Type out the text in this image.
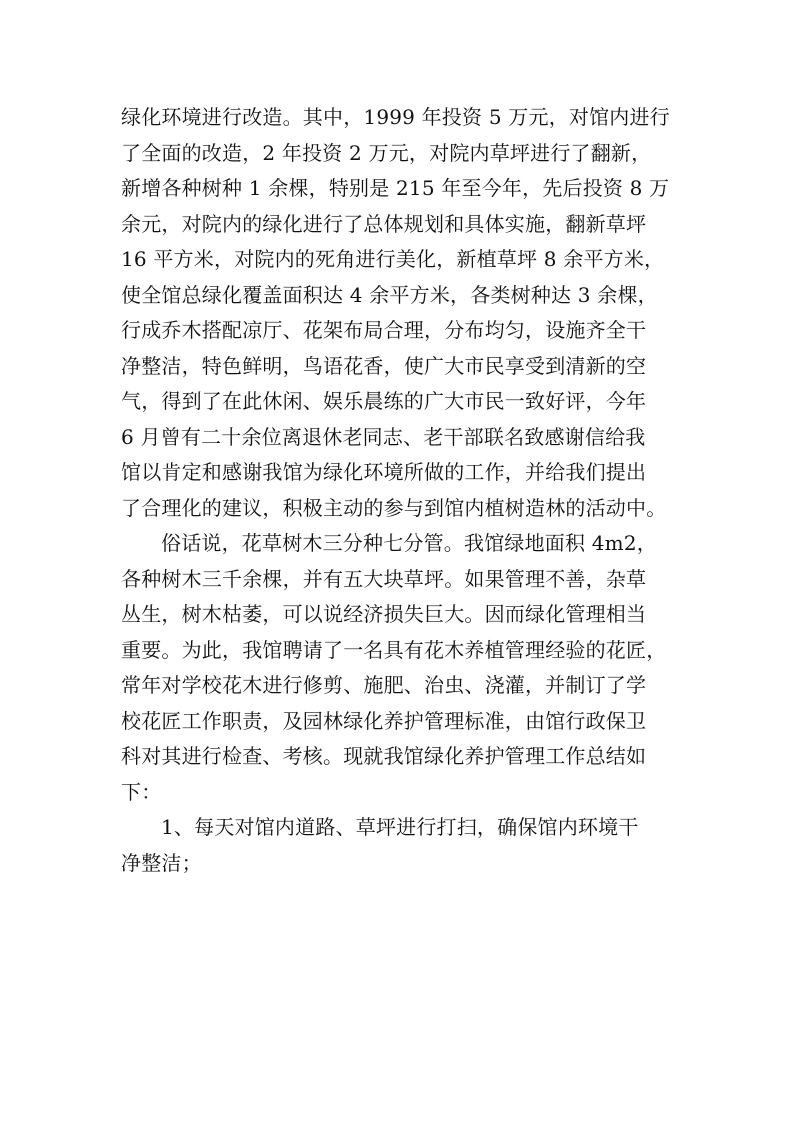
绿化环境进行改造。其中，1999 年投资 5 万元，对馆内进行
了全面的改造，2 年投资 2 万元，对院内草坪进行了翻新，
新增各种树种 1 余棵，特别是 215 年至今年，先后投资 8 万
余元，对院内的绿化进行了总体规划和具体实施，翻新草坪
16 平方米，对院内的死角进行美化，新植草坪 8 余平方米，
使全馆总绿化覆盖面积达 4 余平方米，各类树种达 3 余棵，
行成乔木搭配凉厅、花架布局合理，分布均匀，设施齐全干
净整洁，特色鲜明，鸟语花香，使广大市民享受到清新的空
气，得到了在此休闲、娱乐晨练的广大市民一致好评，今年
6 月曾有二十余位离退休老同志、老干部联名致感谢信给我
馆以肯定和感谢我馆为绿化环境所做的工作，并给我们提出
了合理化的建议，积极主动的参与到馆内植树造林的活动中。
俗话说，花草树木三分种七分管。我馆绿地面积 4m2，
各种树木三千余棵，并有五大块草坪。如果管理不善，杂草
丛生，树木枯萎，可以说经济损失巨大。因而绿化管理相当
重要。为此，我馆聘请了一名具有花木养植管理经验的花匠，
常年对学校花木进行修剪、施肥、治虫、浇灌，并制订了学
校花匠工作职责，及园林绿化养护管理标准，由馆行政保卫
科对其进行检查、考核。现就我馆绿化养护管理工作总结如
下：
1、每天对馆内道路、草坪进行打扫，确保馆内环境干
净整洁；
